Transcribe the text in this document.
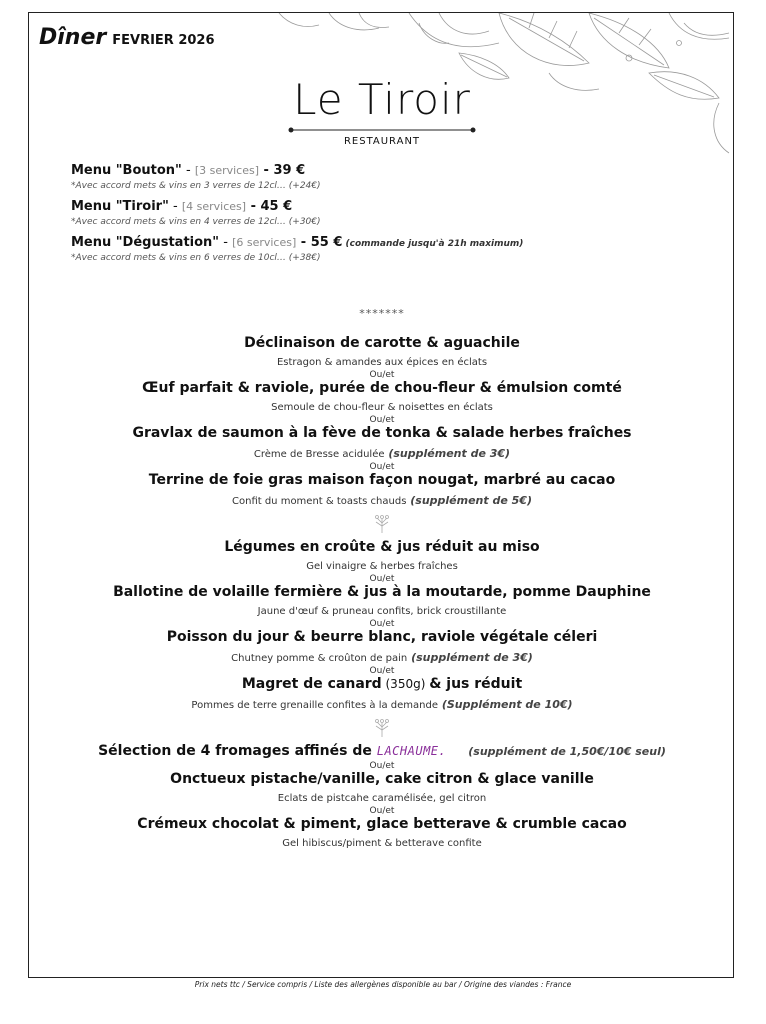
Dîner FEVRIER 2026
Le Tiroir
RESTAURANT
Menu "Bouton" - [3 services] - 39 €
*Avec accord mets & vins en 3 verres de 12cl… (+24€)
Menu "Tiroir" - [4 services] - 45 €
*Avec accord mets & vins en 4 verres de 12cl… (+30€)
Menu "Dégustation" - [6 services] - 55 € (commande jusqu'à 21h maximum)
*Avec accord mets & vins en 6 verres de 10cl… (+38€)
*******
Déclinaison de carotte & aguachile
Estragon & amandes aux épices en éclats
Ou/et
Œuf parfait & raviole, purée de chou-fleur & émulsion comté
Semoule de chou-fleur & noisettes en éclats
Ou/et
Gravlax de saumon à la fève de tonka & salade herbes fraîches
Crème de Bresse acidulée (supplément de 3€)
Ou/et
Terrine de foie gras maison façon nougat, marbré au cacao
Confit du moment & toasts chauds (supplément de 5€)
Légumes en croûte & jus réduit au miso
Gel vinaigre & herbes fraîches
Ou/et
Ballotine de volaille fermière & jus à la moutarde, pomme Dauphine
Jaune d'œuf & pruneau confits, brick croustillante
Ou/et
Poisson du jour & beurre blanc, raviole végétale céleri
Chutney pomme & croûton de pain (supplément de 3€)
Ou/et
Magret de canard (350g) & jus réduit
Pommes de terre grenaille confites à la demande (Supplément de 10€)
Sélection de 4 fromages affinés de LACHAUME. (supplément de 1,50€/10€ seul)
Ou/et
Onctueux pistache/vanille, cake citron & glace vanille
Eclats de pistcahe caramélisée, gel citron
Ou/et
Crémeux chocolat & piment, glace betterave & crumble cacao
Gel hibiscus/piment & betterave confite
Prix nets ttc / Service compris / Liste des allergènes disponible au bar / Origine des viandes : France
